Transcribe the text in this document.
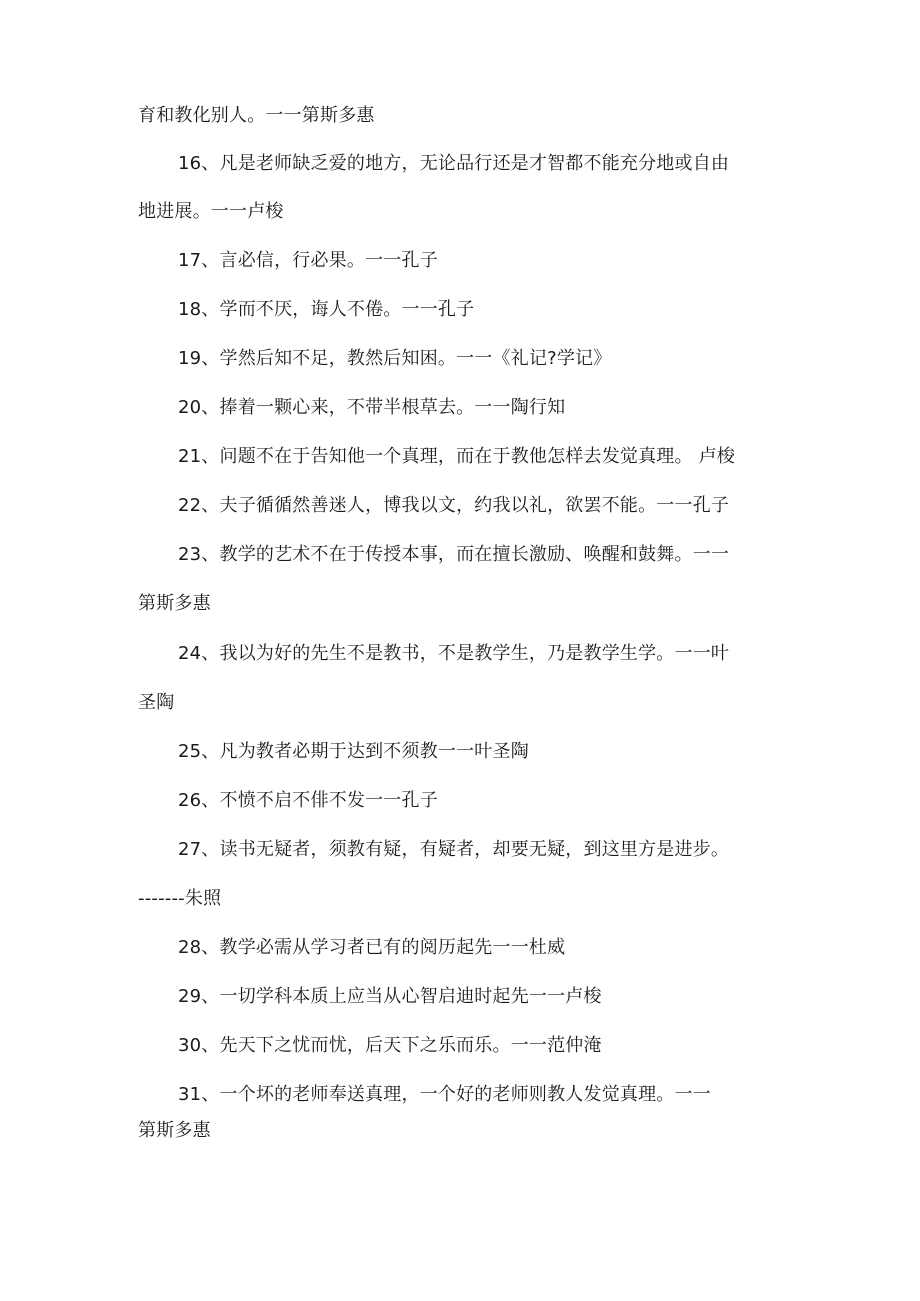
育和教化别人。一一第斯多惠
16、凡是老师缺乏爱的地方，无论品行还是才智都不能充分地或自由
地进展。一一卢梭
17、言必信，行必果。一一孔子
18、学而不厌，诲人不倦。一一孔子
19、学然后知不足，教然后知困。一一《礼记?学记》
20、捧着一颗心来，不带半根草去。一一陶行知
21、问题不在于告知他一个真理，而在于教他怎样去发觉真理。 卢梭
22、夫子循循然善迷人，博我以文，约我以礼，欲罢不能。一一孔子
23、教学的艺术不在于传授本事，而在擅长激励、唤醒和鼓舞。一一
第斯多惠
24、我以为好的先生不是教书，不是教学生，乃是教学生学。一一叶
圣陶
25、凡为教者必期于达到不须教一一叶圣陶
26、不愤不启不俳不发一一孔子
27、读书无疑者，须教有疑，有疑者，却要无疑，到这里方是进步。
-------朱照
28、教学必需从学习者已有的阅历起先一一杜威
29、一切学科本质上应当从心智启迪时起先一一卢梭
30、先天下之忧而忧，后天下之乐而乐。一一范仲淹
31、一个坏的老师奉送真理，一个好的老师则教人发觉真理。一一
第斯多惠
